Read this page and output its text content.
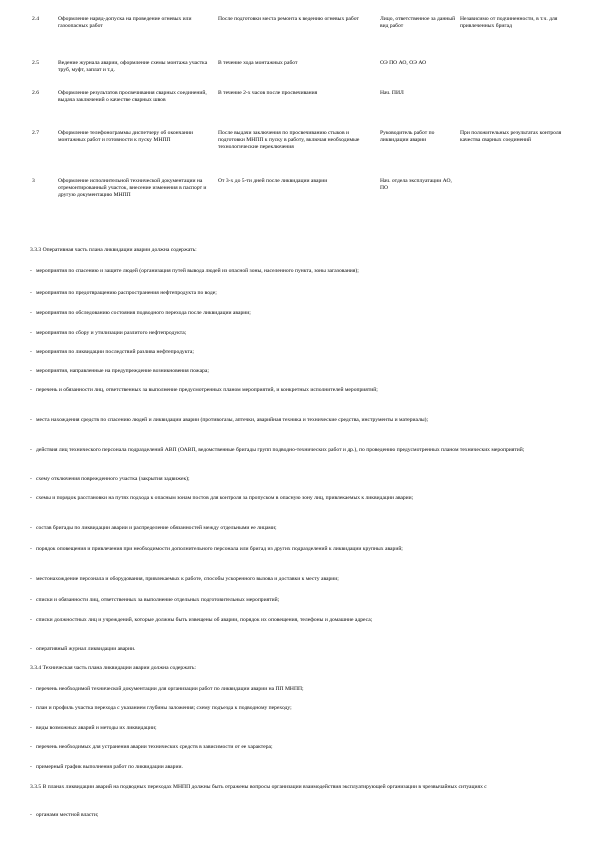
2.4	Оформление наряд-допуска на проведение огневых или газоопасных работ	После подготовки места ремонта к ведению огневых работ	Лицо, ответственное за данный вид работ	Независимо от подчиненности, в т.ч. для привлеченных бригад
2.5	Ведение журнала аварии, оформление схемы монтажа участка труб, муфт, заплат и т.д.	В течение хода монтажных работ	ОЭ ПО АО, ОЭ АО	
2.6	Оформление результатов просвечивания сварных соединений, выдача заключений о качестве сварных швов	В течение 2-х часов после просвечивания	Нач. ПИЛ	
2.7	Оформление телефонограммы диспетчеру об окончании монтажных работ и готовности к пуску МНПП	После выдачи заключения по просвечиванию стыков и подготовки МНПП к пуску в работу, включая необходимые технологические переключения	Руководитель работ по ликвидации аварии	При положительных результатах контроля качества сварных соединений
3	Оформление исполнительной технической документации на отремонтированный участок, внесение изменения в паспорт и другую документацию МНПП	От 3-х до 5-ти дней после ликвидации аварии	Нач. отдела эксплуатации АО, ПО	
3.3.3 Оперативная часть плана ликвидации аварии должна содержать:
- мероприятия по спасению и защите людей (организация путей вывода людей из опасной зоны, населенного пункта, зоны загазования);
- мероприятия по предотвращению распространения нефтепродукта по воде;
- мероприятия по обследованию состояния подводного перехода после ликвидации аварии;
- мероприятия по сбору и утилизации разлитого нефтепродукта;
- мероприятия по ликвидации последствий разлива нефтепродукта;
- мероприятия, направленные на предупреждение возникновения пожара;
- перечень и обязанности лиц, ответственных за выполнение предусмотренных планом мероприятий, и конкретных исполнителей мероприятий;
- места нахождения средств по спасению людей и ликвидации аварии (противогазы, аптечки, аварийная техника и технические средства, инструменты и материалы);
- действия лиц технического персонала подразделений АВП (ОАВП, ведомственные бригады групп подводно-технических работ и др.), по проведению предусмотренных планом технических мероприятий;
- схему отключения поврежденного участка (закрытия задвижек);
- схемы и порядок расстановки на путях подхода к опасным зонам постов для контроля за пропуском в опасную зону лиц, привлекаемых к ликвидации аварии;
- состав бригады по ликвидации аварии и распределение обязанностей между отдельными ее лицами;
- порядок оповещения и привлечения при необходимости дополнительного персонала или бригад из других подразделений к ликвидации крупных аварий;
- местонахождение персонала и оборудования, привлекаемых к работе, способы ускоренного вызова и доставки к месту аварии;
- списки и обязанности лиц, ответственных за выполнение отдельных подготовительных мероприятий;
- списки должностных лиц и учреждений, которые должны быть извещены об аварии, порядок их оповещения, телефоны и домашние адреса;
- оперативный журнал ликвидации аварии.
3.3.4 Техническая часть плана ликвидации аварии должна содержать:
- перечень необходимой технической документации для организации работ по ликвидации аварии на ПП МНПП;
- план и профиль участка перехода с указанием глубины заложения; схему подъезда к подводному переходу;
- виды возможных аварий и методы их ликвидации;
- перечень необходимых для устранения аварии технических средств в зависимости от ее характера;
- примерный график выполнения работ по ликвидации аварии.
3.3.5 В планах ликвидации аварий на подводных переходах МНПП должны быть отражены вопросы организации взаимодействия эксплуатирующей организации в чрезвычайных ситуациях с
- органами местной власти;
